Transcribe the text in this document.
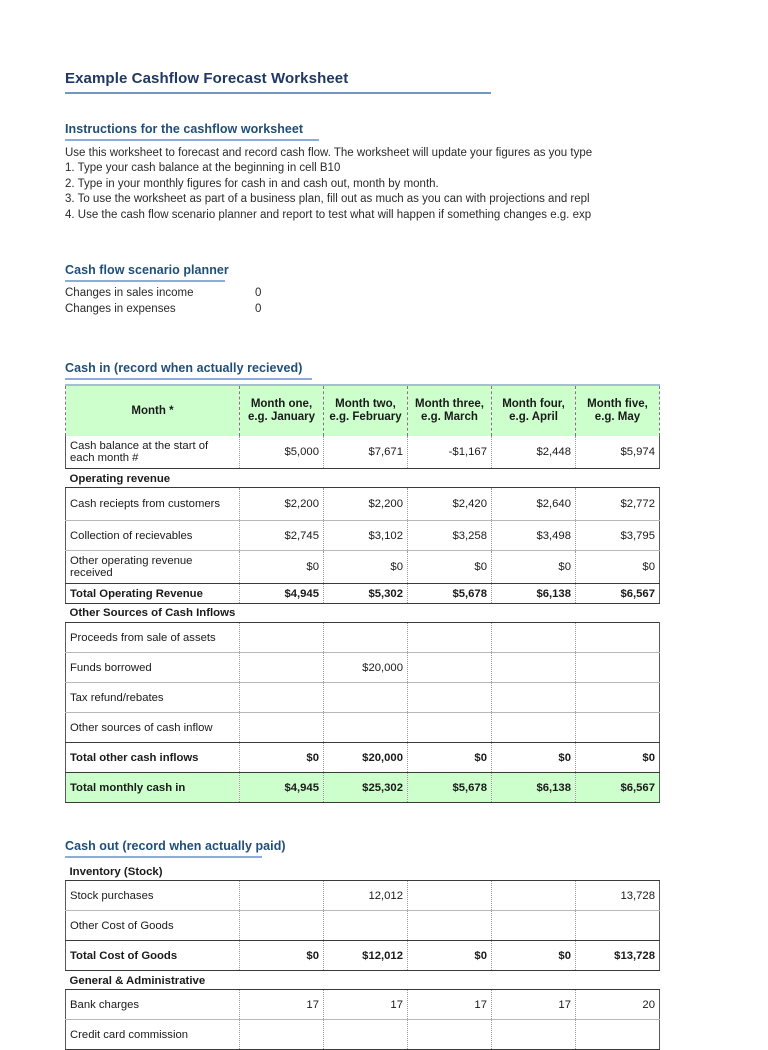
Example Cashflow Forecast Worksheet
Instructions for the cashflow worksheet
Use this worksheet to forecast and record cash flow. The worksheet will update your figures as you type
1. Type your cash balance at the beginning in cell B10
2. Type in your monthly figures for cash in and cash out, month by month.
3. To use the worksheet as part of a business plan, fill out as much as you can with projections and repl
4. Use the cash flow scenario planner and report to test what will happen if something changes e.g. exp
Cash flow scenario planner
Changes in sales income	0
Changes in expenses	0
Cash in (record when actually recieved)
Month *	Month one, e.g. January	Month two, e.g. February	Month three, e.g. March	Month four, e.g. April	Month five, e.g. May
Cash balance at the start of each month #	$5,000	$7,671	-$1,167	$2,448	$5,974
Operating revenue					
Cash reciepts from customers	$2,200	$2,200	$2,420	$2,640	$2,772
Collection of recievables	$2,745	$3,102	$3,258	$3,498	$3,795
Other operating revenue received	$0	$0	$0	$0	$0
Total Operating Revenue	$4,945	$5,302	$5,678	$6,138	$6,567
Other Sources of Cash Inflows					
Proceeds from sale of assets					
Funds borrowed		$20,000			
Tax refund/rebates					
Other sources of cash inflow					
Total other cash inflows	$0	$20,000	$0	$0	$0
Total monthly cash in	$4,945	$25,302	$5,678	$6,138	$6,567
Cash out (record when actually paid)
Inventory (Stock)					
Stock purchases		12,012			13,728
Other Cost of Goods					
Total Cost of Goods	$0	$12,012	$0	$0	$13,728
General & Administrative					
Bank charges	17	17	17	17	20
Credit card commission					
